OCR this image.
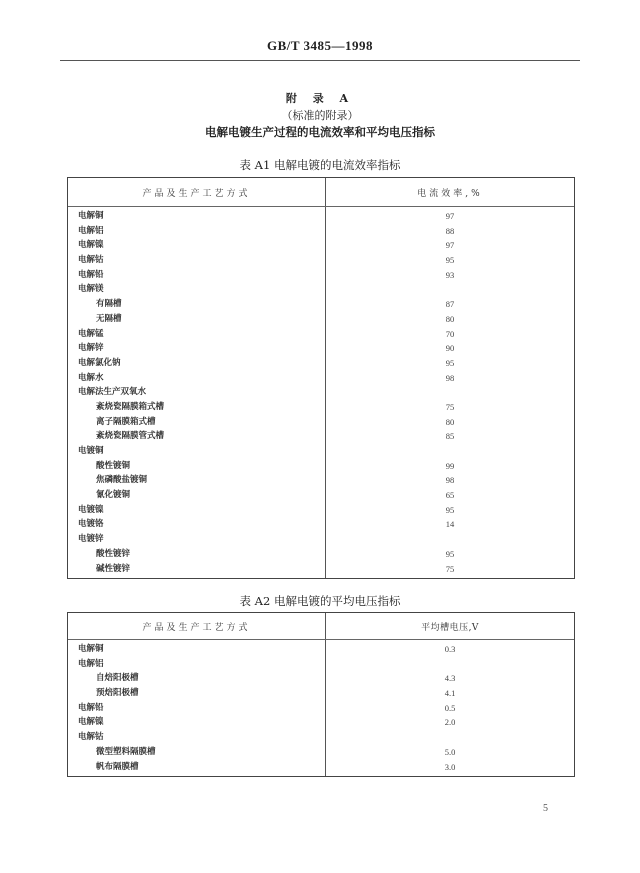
GB/T 3485—1998
附 录 A
（标准的附录）
电解电镀生产过程的电流效率和平均电压指标
表 A1 电解电镀的电流效率指标
产品及生产工艺方式	电流效率,%
电解铜
电解铝
电解镍
电解钴
电解铅
电解镁
有隔槽
无隔槽
电解锰
电解锌
电解氯化钠
电解水
电解法生产双氧水
紊烧瓷隔膜箱式槽
离子隔膜箱式槽
紊烧瓷隔膜管式槽
电镀铜
酸性镀铜
焦磷酸盐镀铜
氰化镀铜
电镀镍
电镀铬
电镀锌
酸性镀锌
碱性镀锌
97
88
97
95
93
87
80
70
90
95
98
75
80
85
99
98
65
95
14
95
75
表 A2 电解电镀的平均电压指标
产品及生产工艺方式	平均槽电压,V
电解铜
电解铝
自焙阳极槽
预焙阳极槽
电解铅
电解镍
电解钴
微型塑料隔膜槽
帆布隔膜槽
0.3
4.3
4.1
0.5
2.0
5.0
3.0
5
